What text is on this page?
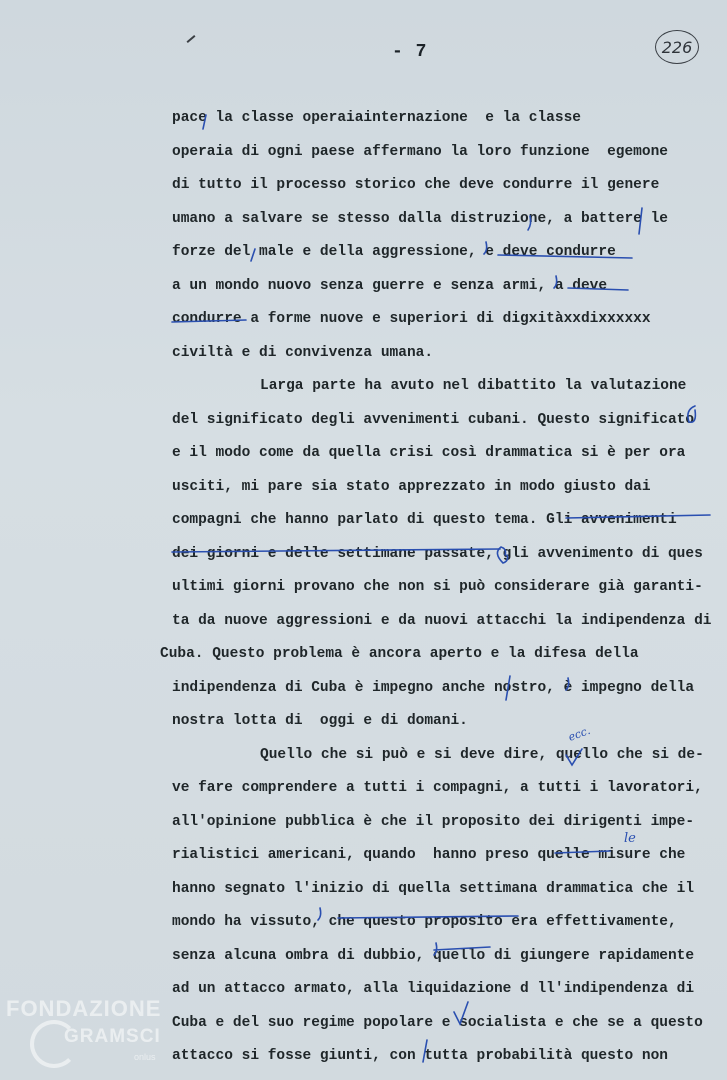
- 7	226
pace la classe operaiainternazione  e la classe
operaia di ogni paese affermano la loro funzione  egemone
di tutto il processo storico che deve condurre il genere
umano a salvare se stesso dalla distruzione, a battere le
forze del male e della aggressione, e deve condurre
a un mondo nuovo senza guerre e senza armi, a deve
condurre a forme nuove e superiori di digxitàxxdixxxxxx
civiltà e di convivenza umana.
Larga parte ha avuto nel dibattito la valutazione
del significato degli avvenimenti cubani. Questo significato
e il modo come da quella crisi così drammatica si è per ora
usciti, mi pare sia stato apprezzato in modo giusto dai
compagni che hanno parlato di questo tema. Gli avvenimenti
dei giorni e delle settimane passate, gli avvenimento di ques
ultimi giorni provano che non si può considerare già garanti-
ta da nuove aggressioni e da nuovi attacchi la indipendenza di
Cuba. Questo problema è ancora aperto e la difesa della
indipendenza di Cuba è impegno anche nostro, è impegno della
nostra lotta di  oggi e di domani.
Quello che si può e si deve dire, quello che si de-
ve fare comprendere a tutti i compagni, a tutti i lavoratori,
all'opinione pubblica è che il proposito dei dirigenti impe-
rialistici americani, quando  hanno preso quelle misure che
hanno segnato l'inizio di quella settimana drammatica che il
mondo ha vissuto, che questo proposito era effettivamente,
senza alcuna ombra di dubbio, quello di giungere rapidamente
ad un attacco armato, alla liquidazione d ll'indipendenza di
Cuba e del suo regime popolare e socialista e che se a questo
attacco si fosse giunti, con tutta probabilità questo non
le
ecc.
FONDAZIONE
GRAMSCI
onlus
